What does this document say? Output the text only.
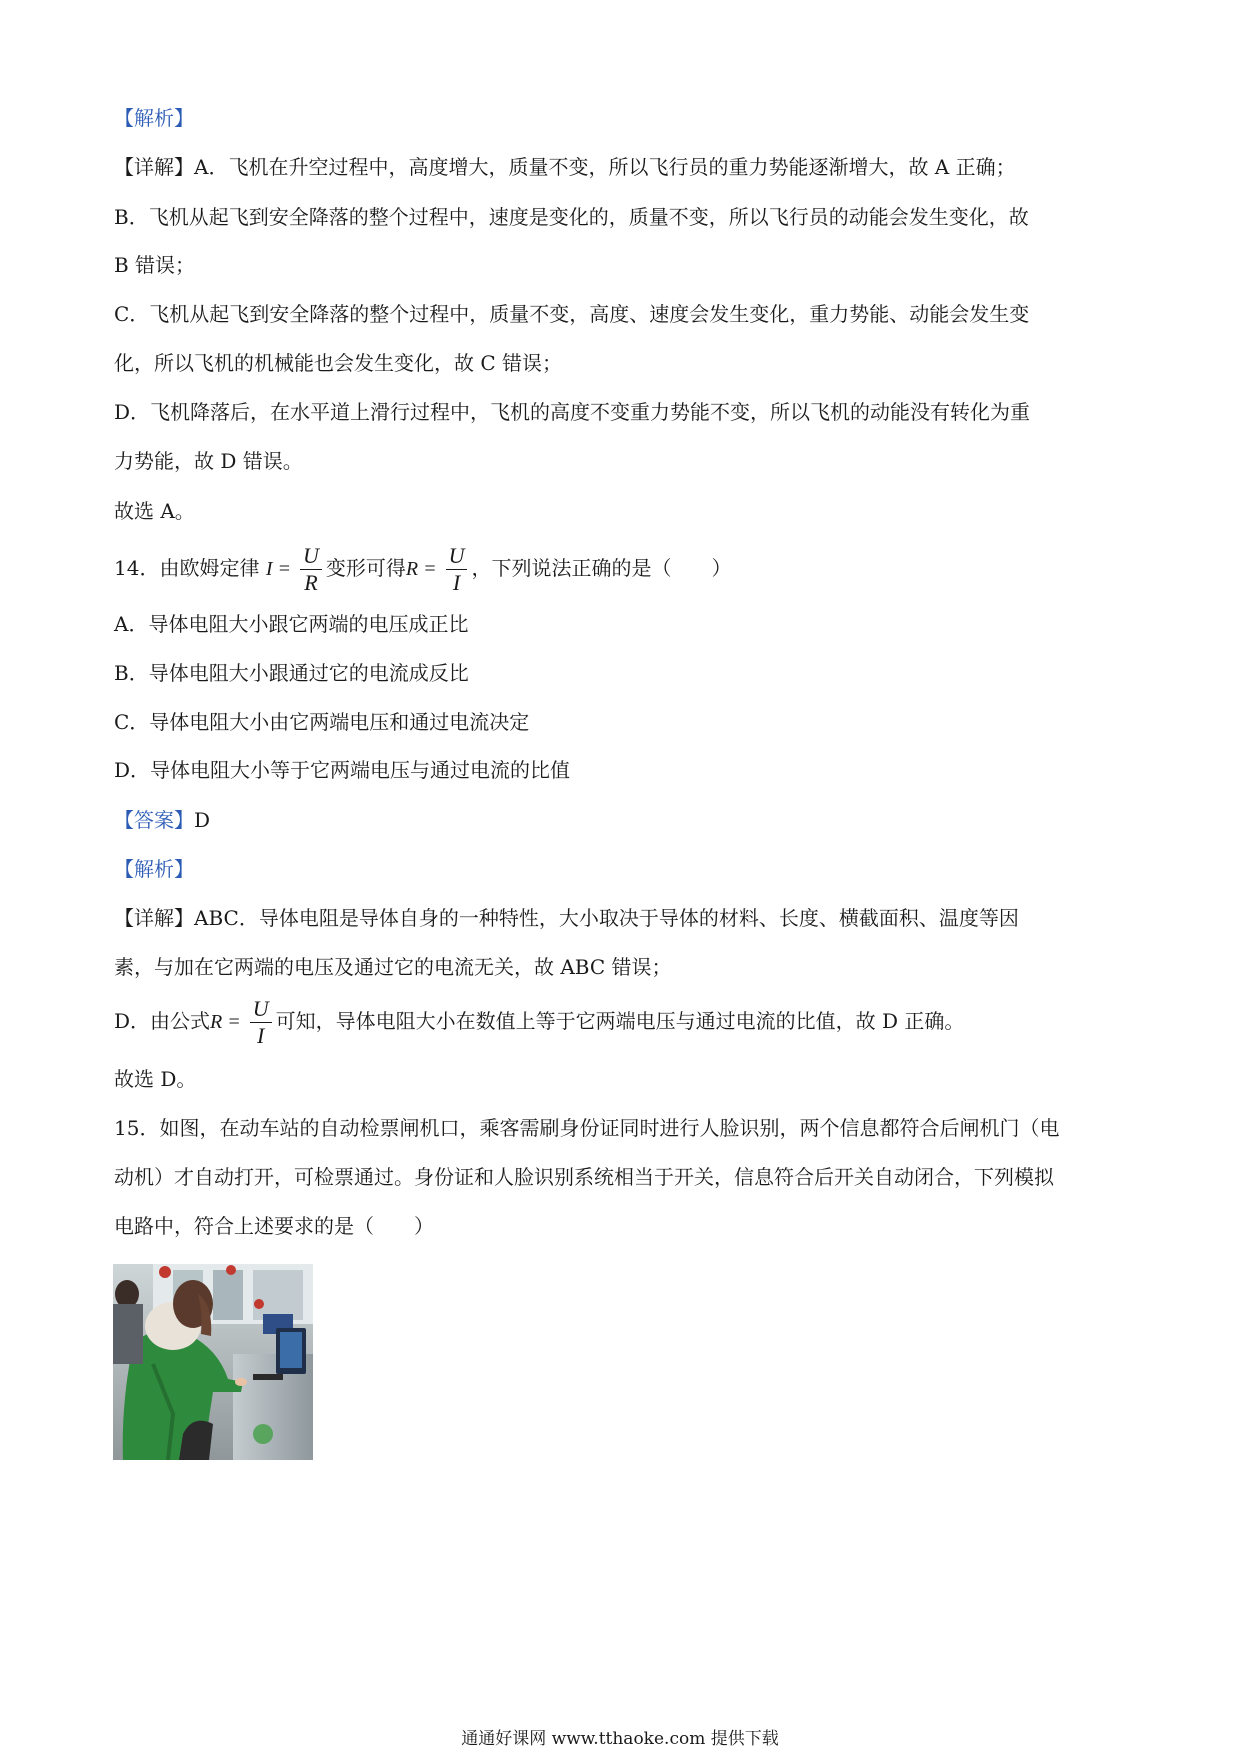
【解析】
【详解】A．飞机在升空过程中，高度增大，质量不变，所以飞行员的重力势能逐渐增大，故 A 正确；
B．飞机从起飞到安全降落的整个过程中，速度是变化的，质量不变，所以飞行员的动能会发生变化，故
B 错误；
C．飞机从起飞到安全降落的整个过程中，质量不变，高度、速度会发生变化，重力势能、动能会发生变
化，所以飞机的机械能也会发生变化，故 C 错误；
D．飞机降落后，在水平道上滑行过程中，飞机的高度不变重力势能不变，所以飞机的动能没有转化为重
力势能，故 D 错误。
故选 A。
14．由欧姆定律 $I = \frac{U}{R}$ 变形可得$R = \frac{U}{I}$ ，下列说法正确的是（　　）
A．导体电阻大小跟它两端的电压成正比
B．导体电阻大小跟通过它的电流成反比
C．导体电阻大小由它两端电压和通过电流决定
D．导体电阻大小等于它两端电压与通过电流的比值
【答案】D
【解析】
【详解】ABC．导体电阻是导体自身的一种特性，大小取决于导体的材料、长度、横截面积、温度等因
素，与加在它两端的电压及通过它的电流无关，故 ABC 错误；
D．由公式$R = \frac{U}{I}$ 可知，导体电阻大小在数值上等于它两端电压与通过电流的比值，故 D 正确。
故选 D。
15．如图，在动车站的自动检票闸机口，乘客需刷身份证同时进行人脸识别，两个信息都符合后闸机门（电
动机）才自动打开，可检票通过。身份证和人脸识别系统相当于开关，信息符合后开关自动闭合，下列模拟
电路中，符合上述要求的是（　　）
通通好课网 www.tthaoke.com 提供下载
